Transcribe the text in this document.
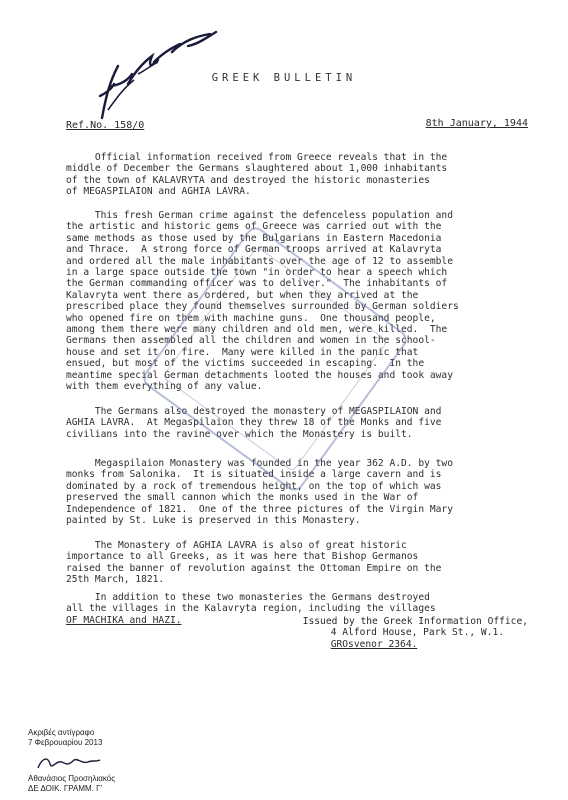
GREEK BULLETIN
Ref.No. 158/0	8th January, 1944
Official information received from Greece reveals that in the
middle of December the Germans slaughtered about 1,000 inhabitants
of the town of KALAVRYTA and destroyed the historic monasteries
of MEGASPILAION and AGHIA LAVRA.
This fresh German crime against the defenceless population and
the artistic and historic gems of Greece was carried out with the
same methods as those used by the Bulgarians in Eastern Macedonia
and Thrace.  A strong force of German troops arrived at Kalavryta
and ordered all the male inhabitants over the age of 12 to assemble
in a large space outside the town "in order to hear a speech which
the German commanding officer was to deliver."  The inhabitants of
Kalavryta went there as ordered, but when they arrived at the
prescribed place they found themselves surrounded by German soldiers
who opened fire on them with machine guns.  One thousand people,
among them there were many children and old men, were killed.  The
Germans then assembled all the children and women in the school-
house and set it on fire.  Many were killed in the panic that
ensued, but most of the victims succeeded in escaping.  In the
meantime special German detachments looted the houses and took away
with them everything of any value.
The Germans also destroyed the monastery of MEGASPILAION and
AGHIA LAVRA.  At Megaspilaion they threw 18 of the Monks and five
civilians into the ravine over which the Monastery is built.
Megaspilaion Monastery was founded in the year 362 A.D. by two
monks from Salonika.  It is situated inside a large cavern and is
dominated by a rock of tremendous height, on the top of which was
preserved the small cannon which the monks used in the War of
Independence of 1821.  One of the three pictures of the Virgin Mary
painted by St. Luke is preserved in this Monastery.
The Monastery of AGHIA LAVRA is also of great historic
importance to all Greeks, as it was here that Bishop Germanos
raised the banner of revolution against the Ottoman Empire on the
25th March, 1821.
In addition to these two monasteries the Germans destroyed
all the villages in the Kalavryta region, including the villages
OF MACHIKA and HAZI.	Issued by the Greek Information Office,
4 Alford House, Park St., W.1.
GROsvenor 2364.
Ακριβές αντίγραφο
7 Φεβρουαρίου 2013
Αθανάσιος Προσηλιακός
ΔΕ ΔΟΙΚ. ΓΡΑΜΜ. Γ'
